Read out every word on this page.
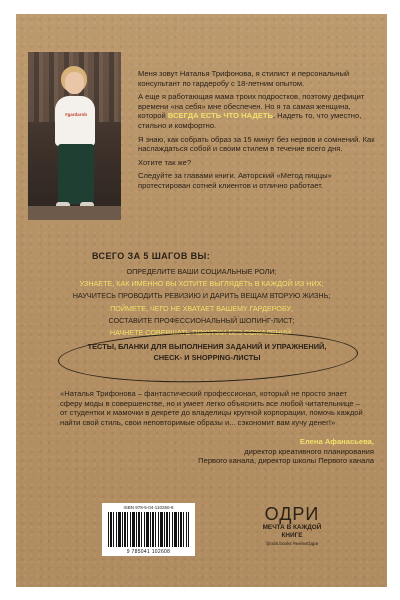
#gardarob

Меня зовут Наталья Трифонова, я стилист и персональный консультант по гардеробу с 18-летним опытом.

А еще я работающая мама троих подростков, поэтому дефицит времени «на себя» мне обеспечен. Но я та самая женщина, которой ВСЕГДА ЕСТЬ ЧТО НАДЕТЬ. Надеть то, что уместно, стильно и комфортно.

Я знаю, как собрать образ за 15 минут без нервов и сомнений. Как наслаждаться собой и своим стилем в течение всего дня.

Хотите так же?

Следуйте за главами книги. Авторский «Метод пиццы» протестирован сотней клиентов и отлично работает.

ВСЕГО ЗА 5 ШАГОВ ВЫ:
ОПРЕДЕЛИТЕ ВАШИ СОЦИАЛЬНЫЕ РОЛИ;
УЗНАЕТЕ, КАК ИМЕННО ВЫ ХОТИТЕ ВЫГЛЯДЕТЬ В КАЖДОЙ ИЗ НИХ;
НАУЧИТЕСЬ ПРОВОДИТЬ РЕВИЗИЮ И ДАРИТЬ ВЕЩАМ ВТОРУЮ ЖИЗНЬ;
ПОЙМЕТЕ, ЧЕГО НЕ ХВАТАЕТ ВАШЕМУ ГАРДЕРОБУ;
СОСТАВИТЕ ПРОФЕССИОНАЛЬНЫЙ ШОПИНГ-ЛИСТ;
НАЧНЕТЕ СОВЕРШАТЬ ПОКУПКИ БЕЗ СОЖАЛЕНИЙ.
ТЕСТЫ, БЛАНКИ ДЛЯ ВЫПОЛНЕНИЯ ЗАДАНИЙ И УПРАЖНЕНИЙ, CHECK- И SHOPPING-ЛИСТЫ
«Наталья Трифонова – фантастический профессионал, который не просто знает сферу моды в совершенстве, но и умеет легко объяснить все любой читательнице – от студентки и мамочки в декрете до владелицы крупной корпорации, помочь каждой найти свой стиль, свои неповторимые образы и... сэкономит вам кучу денег!»
Елена Афанасьева,
директор креативного планирования
Первого канала, директор школы Первого канала
ISBN 978-5-04-110260-8
9 785041 102608
ОДРИ
МЕЧТА В КАЖДОЙ
КНИГЕ
@odri.books #книгиОдри
